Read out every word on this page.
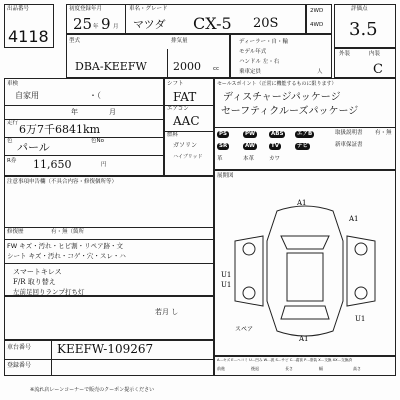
出品番号
4118
初度登録年月	車名・グレード
25 年 9 月 マツダ CX-5 20S
2WD
4WD
評価点
3.5
型式
DBA-KEEFW
排気量
2000 cc
ディーラー・自・輸
モデル年式
ハンドル 左・右
乗車定員	人
外装	内装
C
車検
自家用	・（
年	月
走行 6万7千6841km
色 パール	色No
R券 11,650	円
シフト
FAT
エアコン
AAC
燃料
ガソリン
ハイブリッド
セールスポイント（正常に機能するものに限ります）
ディスチャージパッケージ
セーフティクルーズパッケージ
PS	PW	ABS	エアB
SR	AW	TV	ナビ
革	本革	カワ
取扱説明書
新車保証書
有・無
注意事項申告欄（不具合内容・修復個所等）
修復歴	有・無（箇所
FW キズ・汚れ・ヒビ割・リペア跡・文
シート キズ・汚れ・コゲ・穴・スレ・ハ
スマートキレス
F/R 取り替え
左前足回りランプ打ち灯
若月 し
展開図
A1
U1
U1
A1
U1
A1
スペア
車台番号 KEEFW-109267
登録番号
A…キズ E…ヘコミ U…凹み W…波 S…サビ C…腐食 P…塗装 X…交換 XX…交換済
前進	後退	長さ	幅	高さ
※流れ店レーンコーナーで販売のクーポン提示ください
